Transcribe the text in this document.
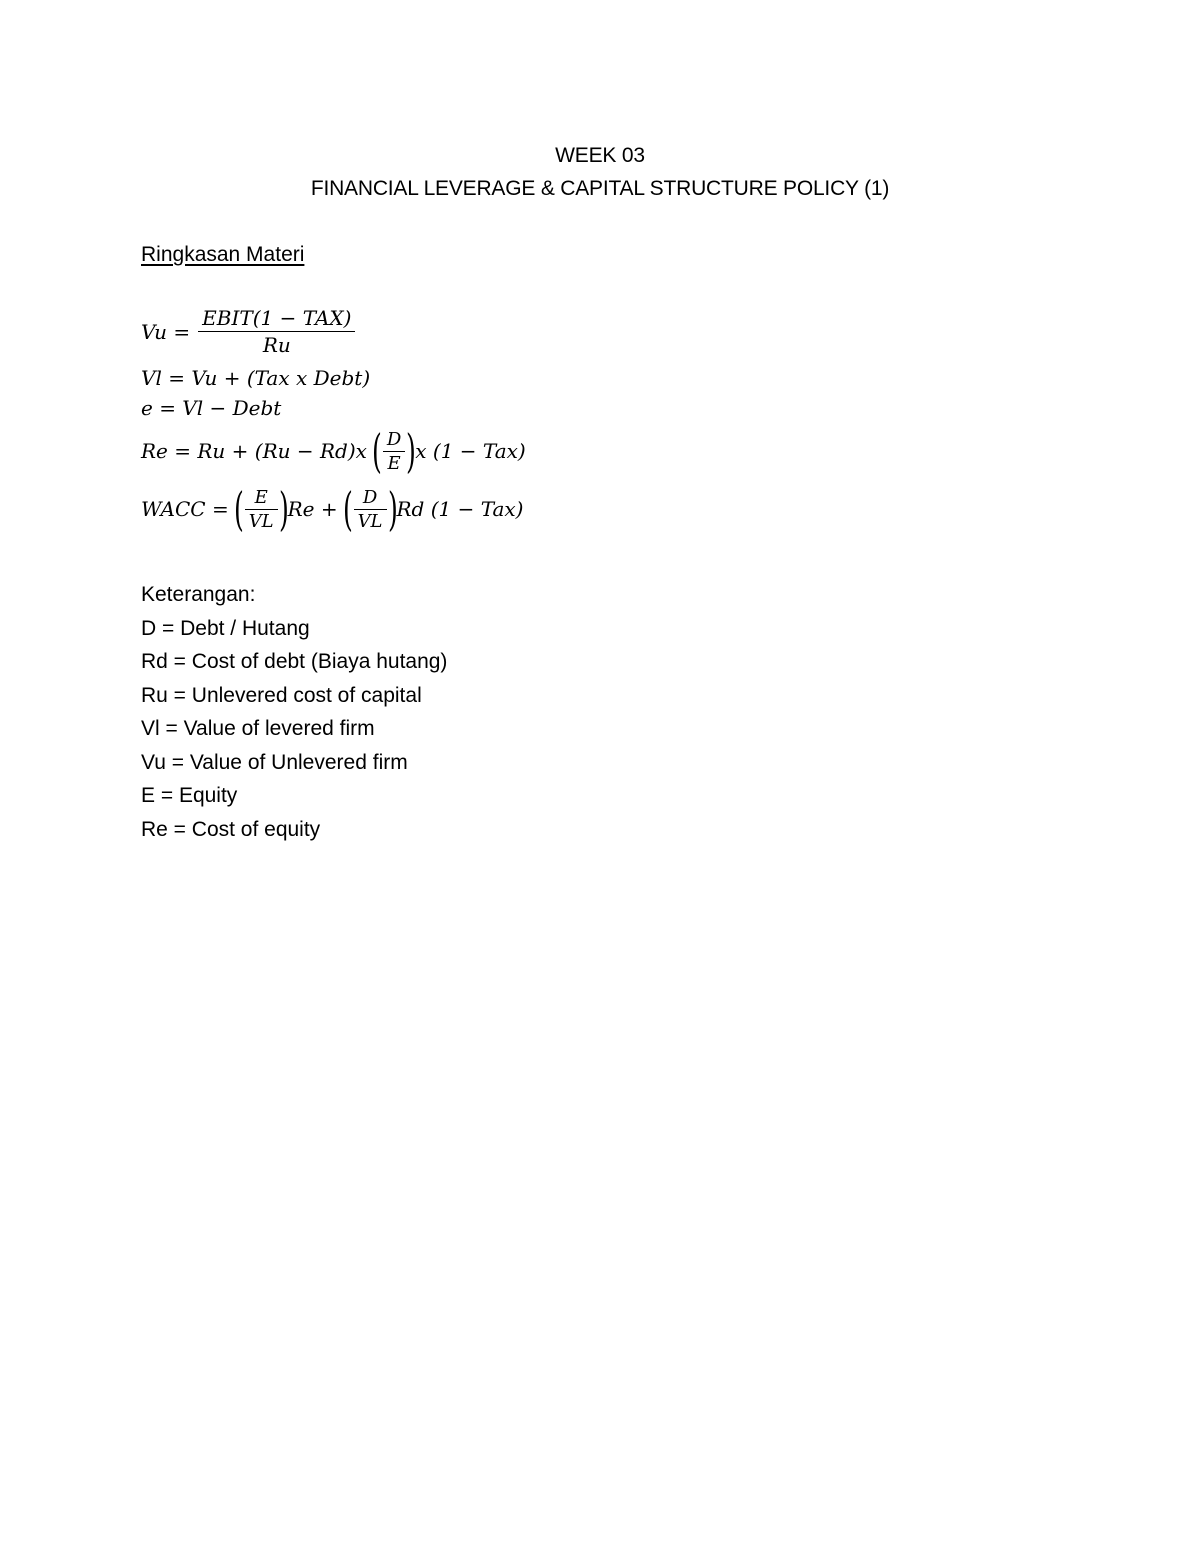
WEEK 03
FINANCIAL LEVERAGE & CAPITAL STRUCTURE POLICY (1)
Ringkasan Materi
$Vu = \frac{\text{EBIT(1 − TAX)}}{Ru}$
Vl = Vu + (Tax x Debt)
e = Vl − Debt
Re = Ru + (Ru − Rd)x ( $\frac{D}{E}$ ) x (1 − Tax)
WACC = ( $\frac{E}{VL}$ ) Re + ( $\frac{D}{VL}$ ) Rd (1 − Tax)
Keterangan:
D = Debt / Hutang
Rd = Cost of debt (Biaya hutang)
Ru = Unlevered cost of capital
Vl = Value of levered firm
Vu = Value of Unlevered firm
E = Equity
Re = Cost of equity
